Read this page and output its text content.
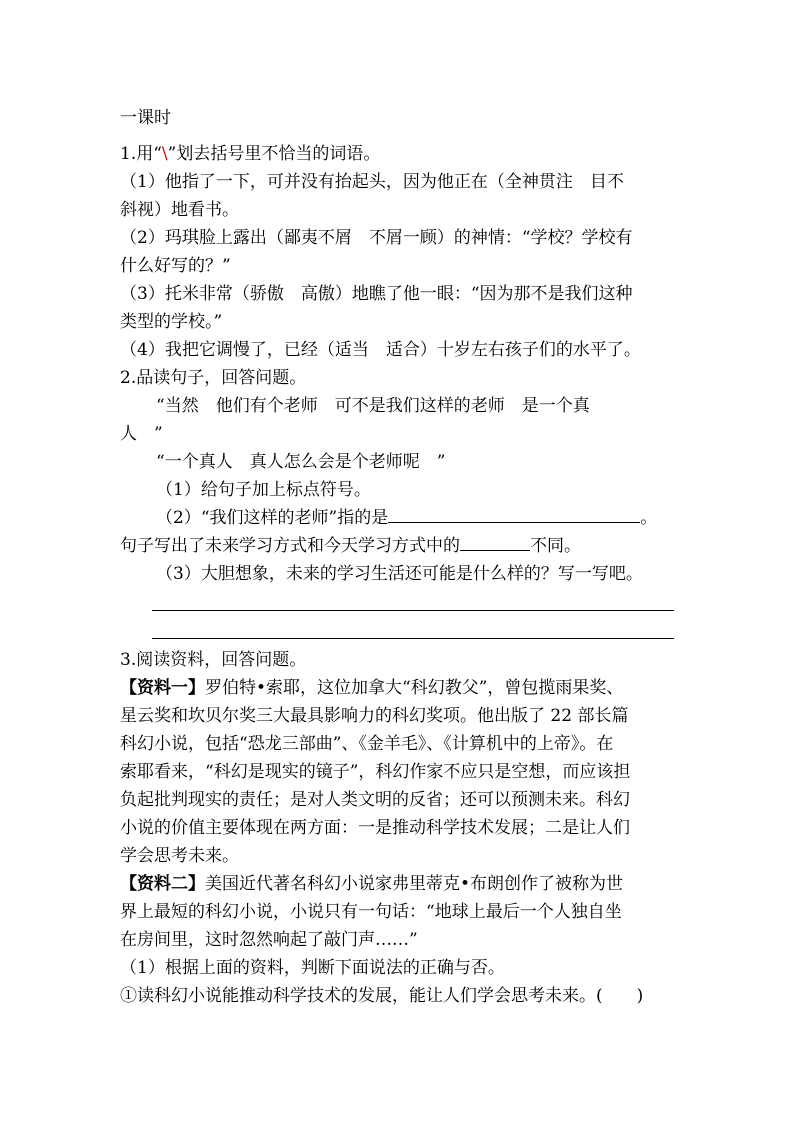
一课时
1.用“\”划去括号里不恰当的词语。
（1）他指了一下，可并没有抬起头，因为他正在（全神贯注　目不
斜视）地看书。
（2）玛琪脸上露出（鄙夷不屑　不屑一顾）的神情：“学校？学校有
什么好写的？”
（3）托米非常（骄傲　高傲）地瞧了他一眼：“因为那不是我们这种
类型的学校。”
（4）我把它调慢了，已经（适当　适合）十岁左右孩子们的水平了。
2.品读句子，回答问题。
“当然　他们有个老师　可不是我们这样的老师　是一个真
人　”
“一个真人　真人怎么会是个老师呢　”
（1）给句子加上标点符号。
（2）“我们这样的老师”指的是	。
句子写出了未来学习方式和今天学习方式中的	不同。
（3）大胆想象，未来的学习生活还可能是什么样的？写一写吧。
3.阅读资料，回答问题。
【资料一】罗伯特•索耶，这位加拿大“科幻教父”，曾包揽雨果奖、
星云奖和坎贝尔奖三大最具影响力的科幻奖项。他出版了 22 部长篇
科幻小说，包括“恐龙三部曲”、《金羊毛》、《计算机中的上帝》。在
索耶看来，“科幻是现实的镜子”，科幻作家不应只是空想，而应该担
负起批判现实的责任；是对人类文明的反省；还可以预测未来。科幻
小说的价值主要体现在两方面：一是推动科学技术发展；二是让人们
学会思考未来。
【资料二】美国近代著名科幻小说家弗里蒂克•布朗创作了被称为世
界上最短的科幻小说，小说只有一句话：“地球上最后一个人独自坐
在房间里，这时忽然响起了敲门声……”
（1）根据上面的资料，判断下面说法的正确与否。
①读科幻小说能推动科学技术的发展，能让人们学会思考未来。(　　)
